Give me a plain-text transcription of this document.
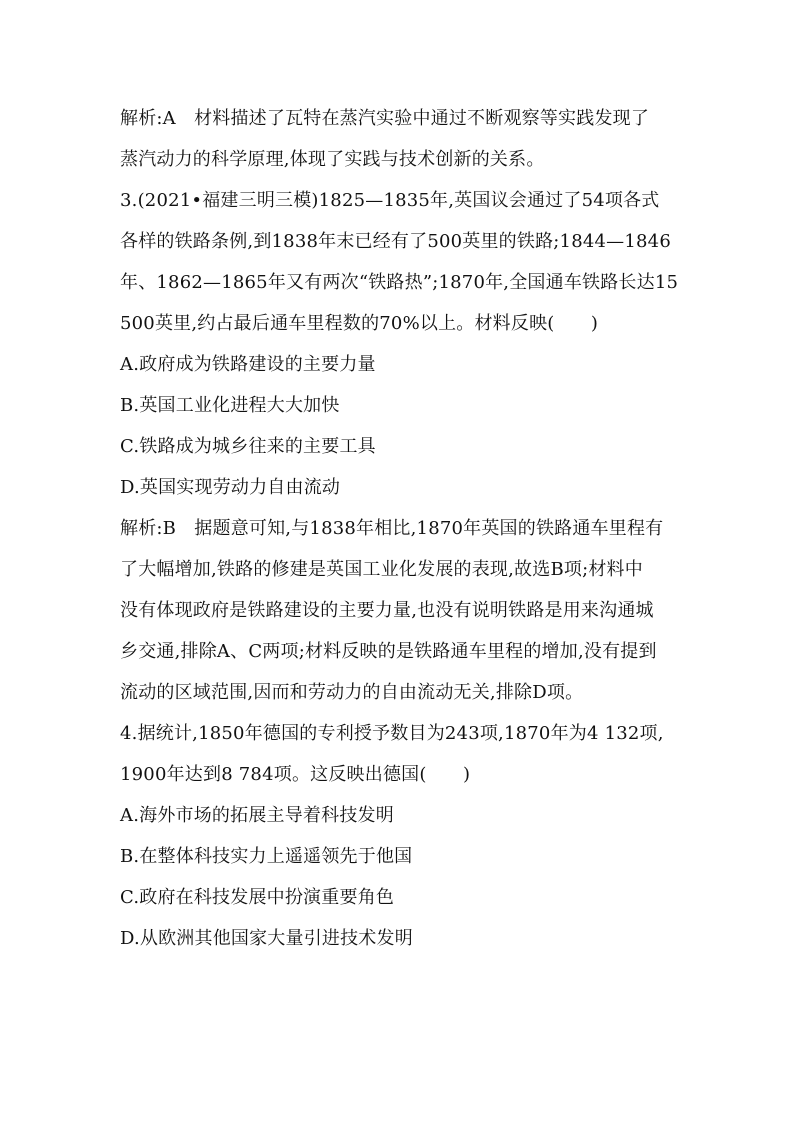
解析:A　材料描述了瓦特在蒸汽实验中通过不断观察等实践发现了
蒸汽动力的科学原理,体现了实践与技术创新的关系。
3.(2021•福建三明三模)1825—1835年,英国议会通过了54项各式
各样的铁路条例,到1838年末已经有了500英里的铁路;1844—1846
年、1862—1865年又有两次“铁路热”;1870年,全国通车铁路长达15
500英里,约占最后通车里程数的70%以上。材料反映(　　)
A.政府成为铁路建设的主要力量
B.英国工业化进程大大加快
C.铁路成为城乡往来的主要工具
D.英国实现劳动力自由流动
解析:B　据题意可知,与1838年相比,1870年英国的铁路通车里程有
了大幅增加,铁路的修建是英国工业化发展的表现,故选B项;材料中
没有体现政府是铁路建设的主要力量,也没有说明铁路是用来沟通城
乡交通,排除A、C两项;材料反映的是铁路通车里程的增加,没有提到
流动的区域范围,因而和劳动力的自由流动无关,排除D项。
4.据统计,1850年德国的专利授予数目为243项,1870年为4 132项,
1900年达到8 784项。这反映出德国(　　)
A.海外市场的拓展主导着科技发明
B.在整体科技实力上遥遥领先于他国
C.政府在科技发展中扮演重要角色
D.从欧洲其他国家大量引进技术发明
